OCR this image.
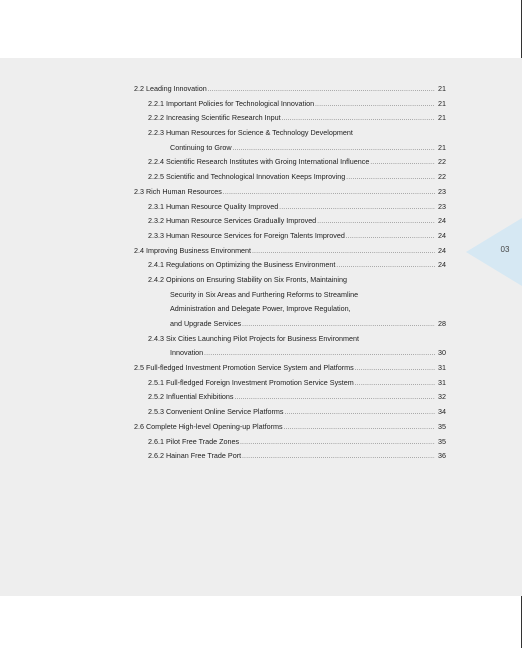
03
2.2 Leading Innovation .....	21
2.2.1 Important Policies for Technological Innovation .....	21
2.2.2 Increasing Scientific Research Input .....	21
2.2.3 Human Resources for Science & Technology Development
Continuing to Grow .....	21
2.2.4 Scientific Research Institutes with Groing International Influence .....	22
2.2.5 Scientific and Technological Innovation Keeps Improving .....	22
2.3 Rich Human Resources .....	23
2.3.1 Human Resource Quality Improved .....	23
2.3.2 Human Resource Services Gradually Improved .....	24
2.3.3 Human Resource Services for Foreign Talents Improved .....	24
2.4 Improving Business Environment .....	24
2.4.1 Regulations on Optimizing the Business Environment .....	24
2.4.2 Opinions on Ensuring Stability on Six Fronts, Maintaining
Security in Six Areas and Furthering Reforms to Streamline
Administration and Delegate Power, Improve Regulation,
and Upgrade Services .....	28
2.4.3 Six Cities Launching Pilot Projects for Business Environment
Innovation .....	30
2.5 Full-fledged Investment Promotion Service System and Platforms .....	31
2.5.1 Full-fledged Foreign Investment Promotion Service System .....	31
2.5.2 Influential Exhibitions .....	32
2.5.3 Convenient Online Service Platforms .....	34
2.6 Complete High-level Opening-up Platforms .....	35
2.6.1 Pilot Free Trade Zones .....	35
2.6.2 Hainan Free Trade Port .....	36
